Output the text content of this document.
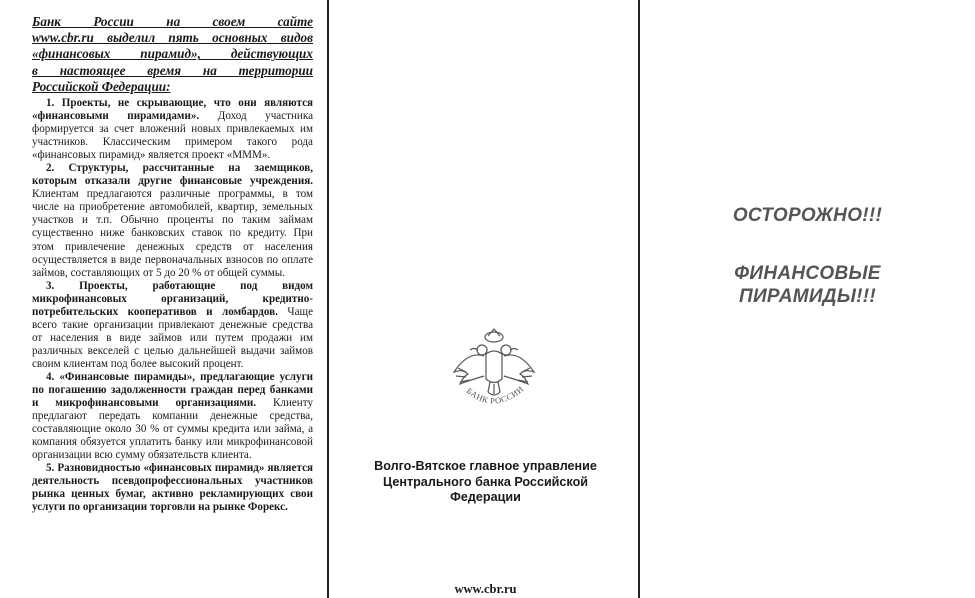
Банк России на своем сайте
www.cbr.ru выделил пять основных видов
«финансовых пирамид», действующих
в настоящее время на территории
Российской Федерации:

1. Проекты, не скрывающие, что они являются «финансовыми пирамидами». Доход участника формируется за счет вложений новых привлекаемых им участников. Классическим примером такого рода «финансовых пирамид» является проект «МММ».

2. Структуры, рассчитанные на заемщиков, которым отказали другие финансовые учреждения. Клиентам предлагаются различные программы, в том числе на приобретение автомобилей, квартир, земельных участков и т.п. Обычно проценты по таким займам существенно ниже банковских ставок по кредиту. При этом привлечение денежных средств от населения осуществляется в виде первоначальных взносов по оплате займов, составляющих от 5 до 20 % от общей суммы.

3. Проекты, работающие под видом микрофинансовых организаций, кредитно-потребительских кооперативов и ломбардов. Чаще всего такие организации привлекают денежные средства от населения в виде займов или путем продажи им различных векселей с целью дальнейшей выдачи займов своим клиентам под более высокий процент.

4. «Финансовые пирамиды», предлагающие услуги по погашению задолженности граждан перед банками и микрофинансовыми организациями. Клиенту предлагают передать компании денежные средства, составляющие около 30 % от суммы кредита или займа, а компания обязуется уплатить банку или микрофинансовой организации всю сумму обязательств клиента.

5. Разновидностью «финансовых пирамид» является деятельность псевдопрофессиональных участников рынка ценных бумаг, активно рекламирующих свои услуги по организации торговли на рынке Форекс.

БАНК РОССИИ
Волго-Вятское главное управление Центрального банка Российской Федерации
www.cbr.ru
ОСТОРОЖНО!!!
ФИНАНСОВЫЕ
ПИРАМИДЫ!!!
